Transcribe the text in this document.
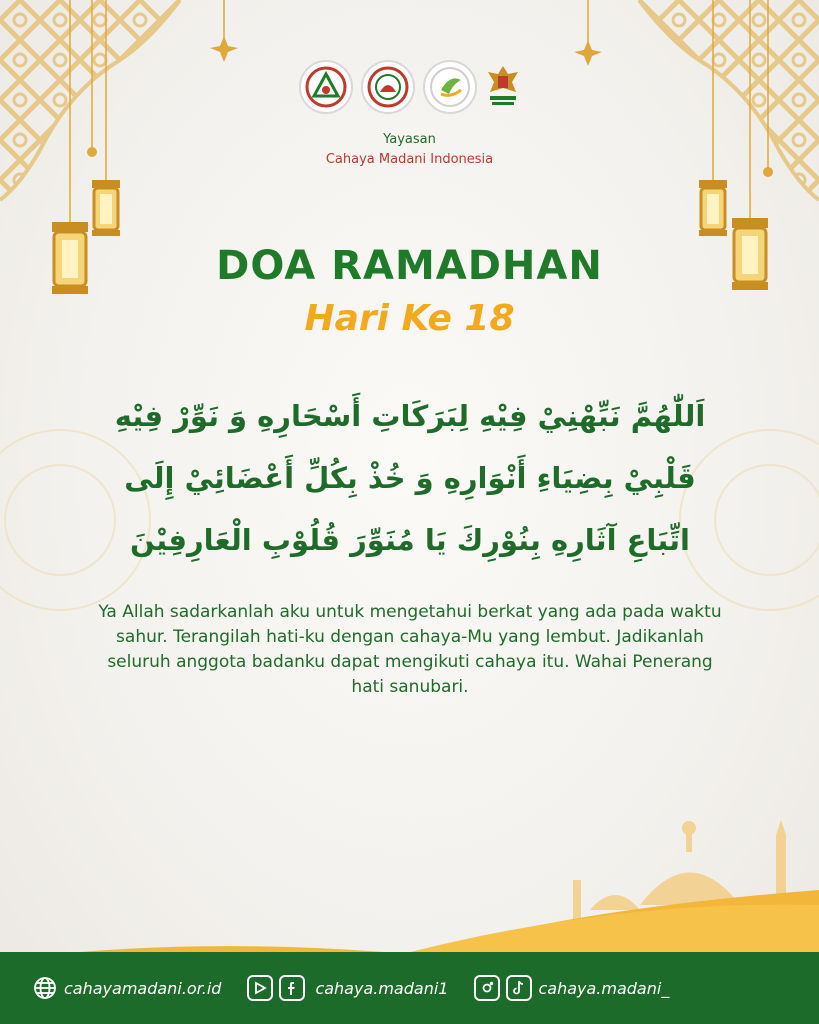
Yayasan
Cahaya Madani Indonesia
DOA RAMADHAN
Hari Ke 18
اَللّٰهُمَّ نَبِّهْنِيْ فِيْهِ لِبَرَكَاتِ أَسْحَارِهِ وَ نَوِّرْ فِيْهِ
قَلْبِيْ بِضِيَاءِ أَنْوَارِهِ وَ خُذْ بِكُلِّ أَعْضَائِيْ إِلَى
اتِّبَاعِ آثَارِهِ بِنُوْرِكَ يَا مُنَوِّرَ قُلُوْبِ الْعَارِفِيْنَ
Ya Allah sadarkanlah aku untuk mengetahui berkat yang ada pada waktu sahur. Terangilah hati-ku dengan cahaya-Mu yang lembut. Jadikanlah seluruh anggota badanku dapat mengikuti cahaya itu. Wahai Penerang hati sanubari.
cahayamadani.or.id	cahaya.madani1	cahaya.madani_
